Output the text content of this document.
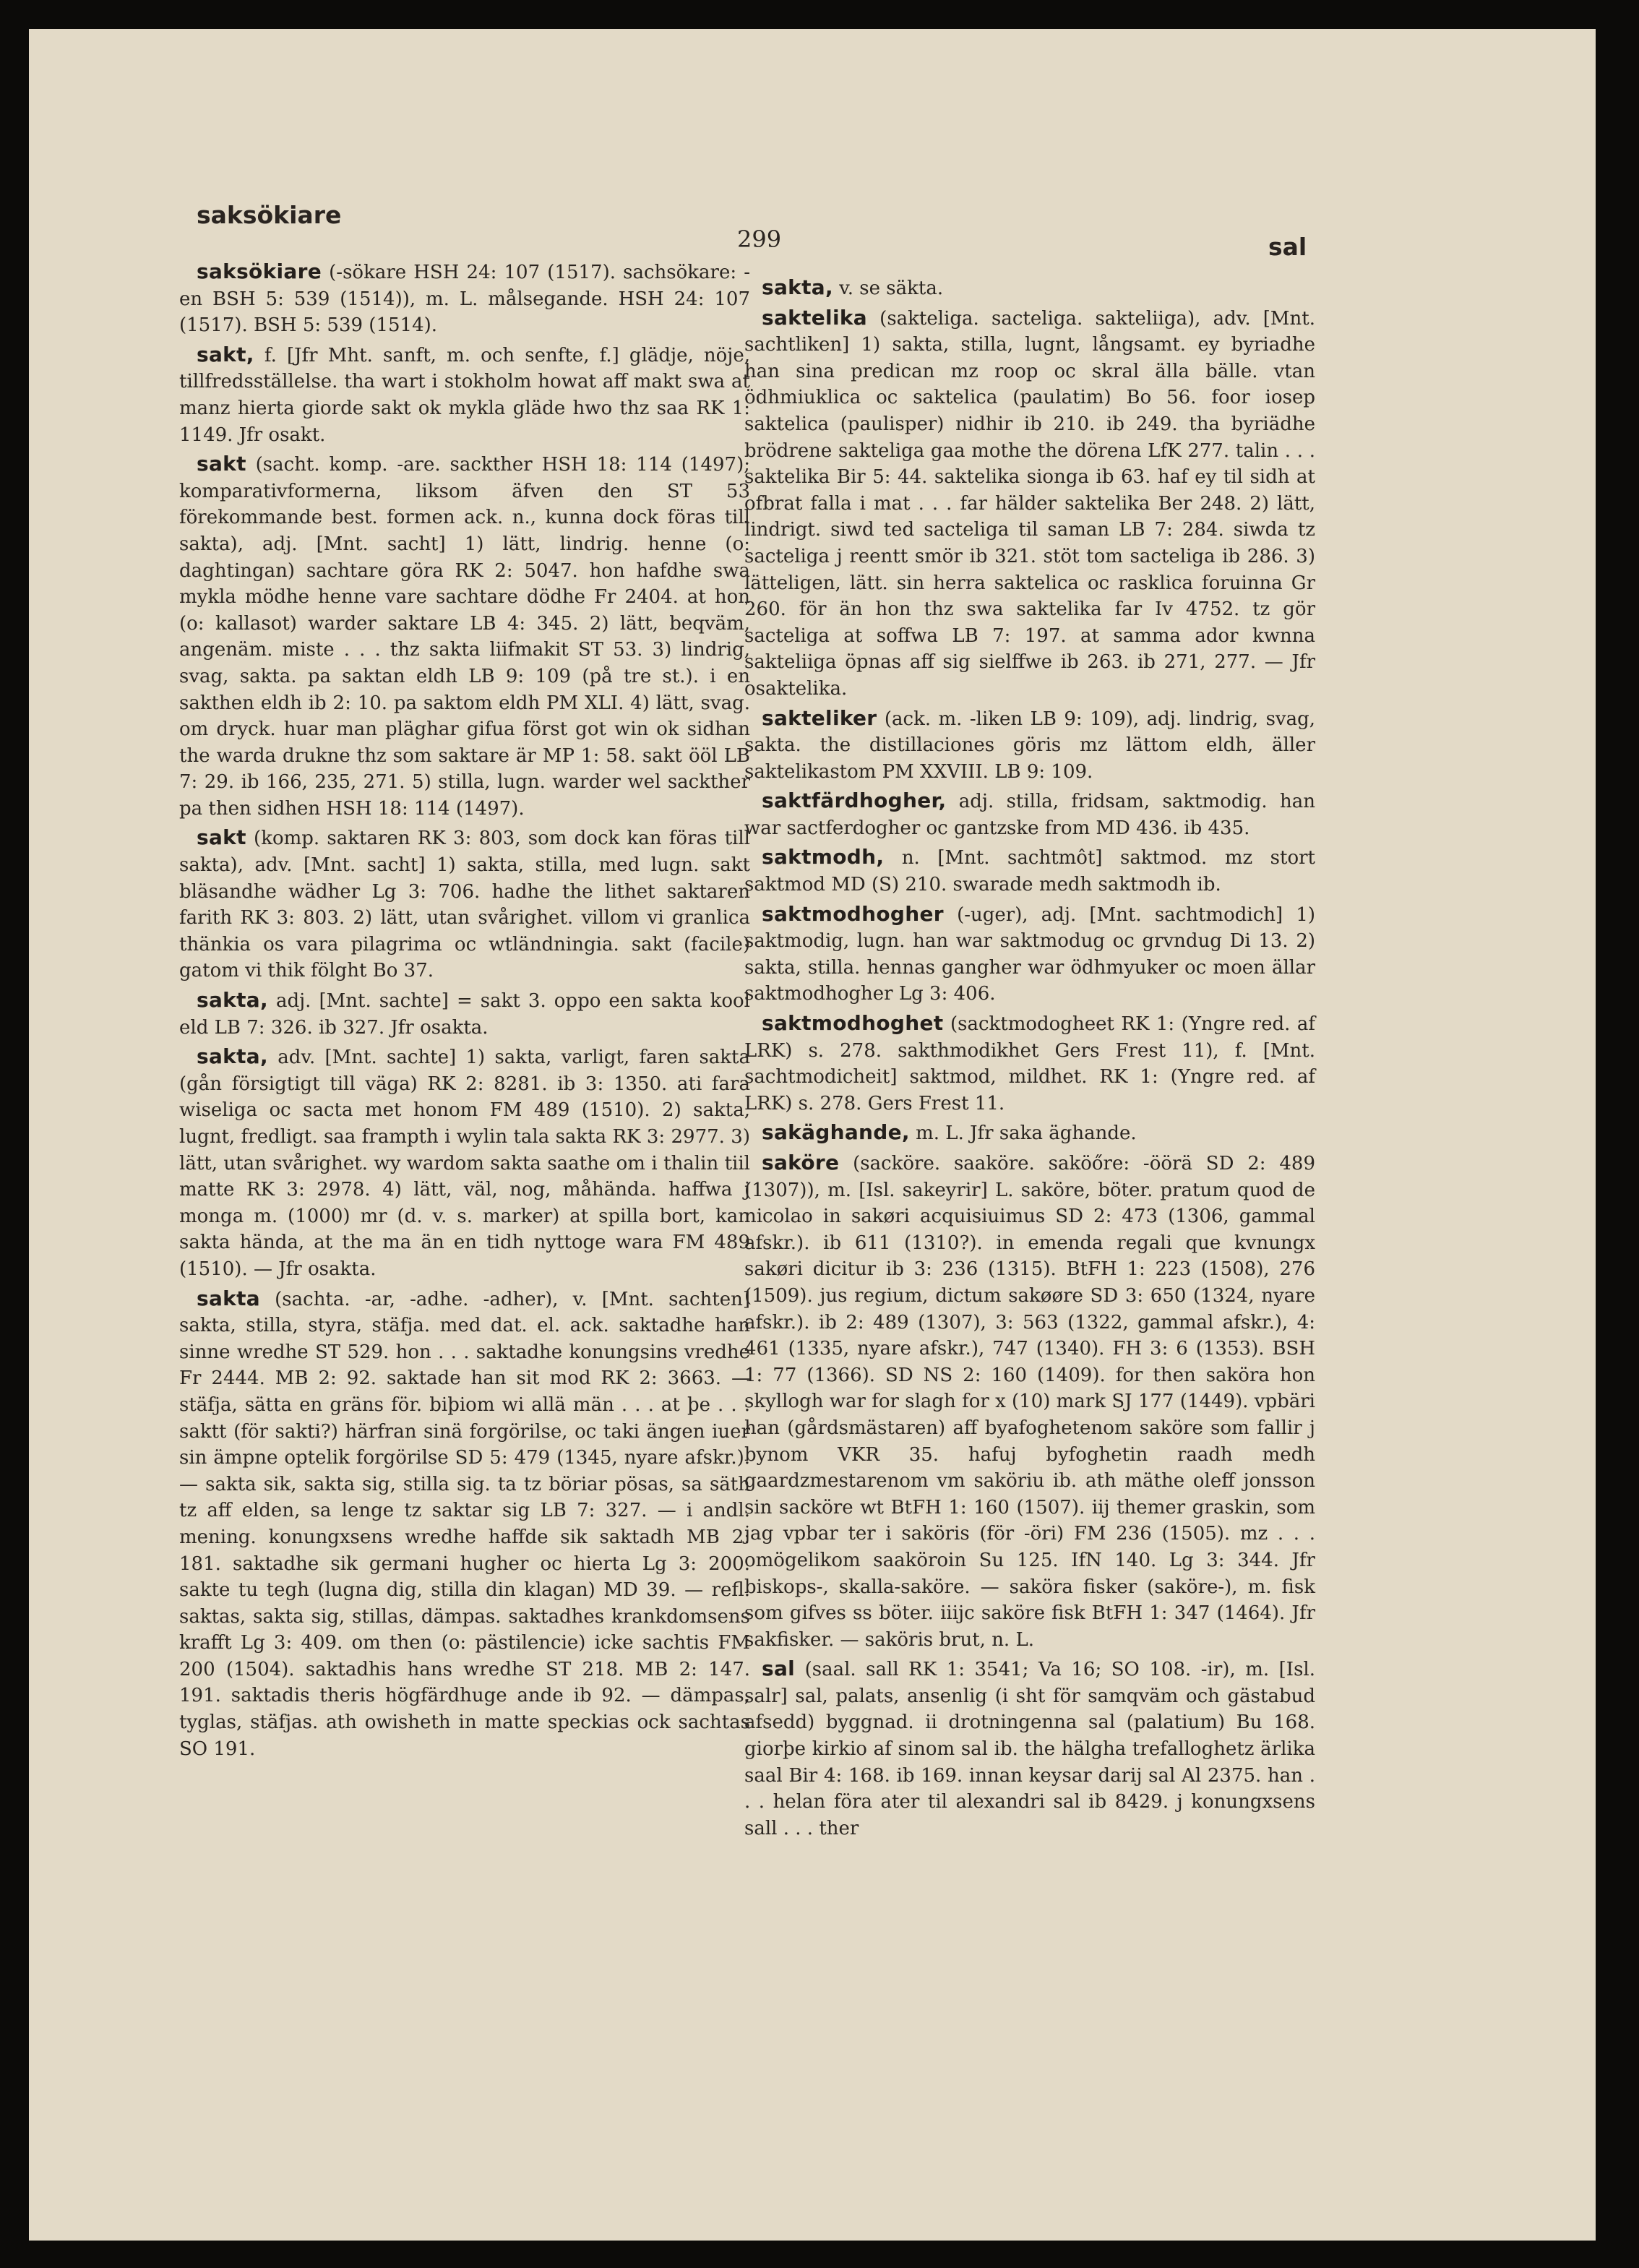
saksökiare
299	sal

saksökiare (-sökare HSH 24: 107 (1517). sachsökare: -en BSH 5: 539 (1514)), m. L. målsegande. HSH 24: 107 (1517). BSH 5: 539 (1514).

sakt, f. [Jfr Mht. sanft, m. och senfte, f.] glädje, nöje, tillfredsställelse. tha wart i stokholm howat aff makt swa at manz hierta giorde sakt ok mykla gläde hwo thz saa RK 1: 1149. Jfr osakt.

sakt (sacht. komp. -are. sackther HSH 18: 114 (1497); komparativformerna, liksom äfven den ST 53 förekommande best. formen ack. n., kunna dock föras till sakta), adj. [Mnt. sacht] 1) lätt, lindrig. henne (o: daghtingan) sachtare göra RK 2: 5047. hon hafdhe swa mykla mödhe henne vare sachtare dödhe Fr 2404. at hon (o: kallasot) warder saktare LB 4: 345. 2) lätt, beqväm, angenäm. miste . . . thz sakta liifmakit ST 53. 3) lindrig, svag, sakta. pa saktan eldh LB 9: 109 (på tre st.). i en sakthen eldh ib 2: 10. pa saktom eldh PM XLI. 4) lätt, svag. om dryck. huar man pläghar gifua först got win ok sidhan the warda drukne thz som saktare är MP 1: 58. sakt ööl LB 7: 29. ib 166, 235, 271. 5) stilla, lugn. warder wel sackther pa then sidhen HSH 18: 114 (1497).

sakt (komp. saktaren RK 3: 803, som dock kan föras till sakta), adv. [Mnt. sacht] 1) sakta, stilla, med lugn. sakt bläsandhe wädher Lg 3: 706. hadhe the lithet saktaren farith RK 3: 803. 2) lätt, utan svårighet. villom vi granlica thänkia os vara pilagrima oc wtländningia. sakt (facile) gatom vi thik fölght Bo 37.

sakta, adj. [Mnt. sachte] = sakt 3. oppo een sakta kool eld LB 7: 326. ib 327. Jfr osakta.

sakta, adv. [Mnt. sachte] 1) sakta, varligt, faren sakta (gån försigtigt till väga) RK 2: 8281. ib 3: 1350. ati fara wiseliga oc sacta met honom FM 489 (1510). 2) sakta, lugnt, fredligt. saa frampth i wylin tala sakta RK 3: 2977. 3) lätt, utan svårighet. wy wardom sakta saathe om i thalin tiil matte RK 3: 2978. 4) lätt, väl, nog, måhända. haffwa j monga m. (1000) mr (d. v. s. marker) at spilla bort, kan sakta hända, at the ma än en tidh nyttoge wara FM 489 (1510). — Jfr osakta.

sakta (sachta. -ar, -adhe. -adher), v. [Mnt. sachten] sakta, stilla, styra, stäfja. med dat. el. ack. saktadhe han sinne wredhe ST 529. hon . . . saktadhe konungsins vredhe Fr 2444. MB 2: 92. saktade han sit mod RK 2: 3663. — stäfja, sätta en gräns för. biþiom wi allä män . . . at þe . . . saktt (för sakti?) härfran sinä forgörilse, oc taki ängen iuer sin ämpne optelik forgörilse SD 5: 479 (1345, nyare afskr.). — sakta sik, sakta sig, stilla sig. ta tz böriar pösas, sa säth tz aff elden, sa lenge tz saktar sig LB 7: 327. — i andl. mening. konungxsens wredhe haffde sik saktadh MB 2: 181. saktadhe sik germani hugher oc hierta Lg 3: 200. sakte tu tegh (lugna dig, stilla din klagan) MD 39. — refl. saktas, sakta sig, stillas, dämpas. saktadhes krankdomsens krafft Lg 3: 409. om then (o: pästilencie) icke sachtis FM 200 (1504). saktadhis hans wredhe ST 218. MB 2: 147. 191. saktadis theris högfärdhuge ande ib 92. — dämpas, tyglas, stäfjas. ath owisheth in matte speckias ock sachtas SO 191.

sakta, v. se säkta.

saktelika (sakteliga. sacteliga. sakteliiga), adv. [Mnt. sachtliken] 1) sakta, stilla, lugnt, långsamt. ey byriadhe han sina predican mz roop oc skral älla bälle. vtan ödhmiuklica oc saktelica (paulatim) Bo 56. foor iosep saktelica (paulisper) nidhir ib 210. ib 249. tha byriädhe brödrene sakteliga gaa mothe the dörena LfK 277. talin . . . saktelika Bir 5: 44. saktelika sionga ib 63. haf ey til sidh at ofbrat falla i mat . . . far hälder saktelika Ber 248. 2) lätt, lindrigt. siwd ted sacteliga til saman LB 7: 284. siwda tz sacteliga j reentt smör ib 321. stöt tom sacteliga ib 286. 3) lätteligen, lätt. sin herra saktelica oc rasklica foruinna Gr 260. för än hon thz swa saktelika far Iv 4752. tz gör sacteliga at soffwa LB 7: 197. at samma ador kwnna sakteliiga öpnas aff sig sielffwe ib 263. ib 271, 277. — Jfr osaktelika.

sakteliker (ack. m. -liken LB 9: 109), adj. lindrig, svag, sakta. the distillaciones göris mz lättom eldh, äller saktelikastom PM XXVIII. LB 9: 109.

saktfärdhogher, adj. stilla, fridsam, saktmodig. han war sactferdogher oc gantzske from MD 436. ib 435.

saktmodh, n. [Mnt. sachtmôt] saktmod. mz stort saktmod MD (S) 210. swarade medh saktmodh ib.

saktmodhogher (-uger), adj. [Mnt. sachtmodich] 1) saktmodig, lugn. han war saktmodug oc grvndug Di 13. 2) sakta, stilla. hennas gangher war ödhmyuker oc moen ällar saktmodhogher Lg 3: 406.

saktmodhoghet (sacktmodogheet RK 1: (Yngre red. af LRK) s. 278. sakthmodikhet Gers Frest 11), f. [Mnt. sachtmodicheit] saktmod, mildhet. RK 1: (Yngre red. af LRK) s. 278. Gers Frest 11.

sakäghande, m. L. Jfr saka äghande.

saköre (sacköre. saaköre. saköőre: -öörä SD 2: 489 (1307)), m. [Isl. sakeyrir] L. saköre, böter. pratum quod de nicolao in sakøri acquisiuimus SD 2: 473 (1306, gammal afskr.). ib 611 (1310?). in emenda regali que kvnungx sakøri dicitur ib 3: 236 (1315). BtFH 1: 223 (1508), 276 (1509). jus regium, dictum sakøøre SD 3: 650 (1324, nyare afskr.). ib 2: 489 (1307), 3: 563 (1322, gammal afskr.), 4: 461 (1335, nyare afskr.), 747 (1340). FH 3: 6 (1353). BSH 1: 77 (1366). SD NS 2: 160 (1409). for then saköra hon skyllogh war for slagh for x (10) mark SJ 177 (1449). vpbäri han (gårdsmästaren) aff byafoghetenom saköre som fallir j bynom VKR 35. hafuj byfoghetin raadh medh gaardzmestarenom vm saköriu ib. ath mäthe oleff jonsson sin sacköre wt BtFH 1: 160 (1507). iij themer graskin, som jag vpbar ter i saköris (för -öri) FM 236 (1505). mz . . . omögelikom saaköroin Su 125. IfN 140. Lg 3: 344. Jfr biskops-, skalla-saköre. — saköra fisker (saköre-), m. fisk som gifves ss böter. iiijc saköre fisk BtFH 1: 347 (1464). Jfr sakfisker. — saköris brut, n. L.

sal (saal. sall RK 1: 3541; Va 16; SO 108. -ir), m. [Isl. salr] sal, palats, ansenlig (i sht för samqväm och gästabud afsedd) byggnad. ii drotningenna sal (palatium) Bu 168. giorþe kirkio af sinom sal ib. the hälgha trefalloghetz ärlika saal Bir 4: 168. ib 169. innan keysar darij sal Al 2375. han . . . helan föra ater til alexandri sal ib 8429. j konungxsens sall . . . ther
